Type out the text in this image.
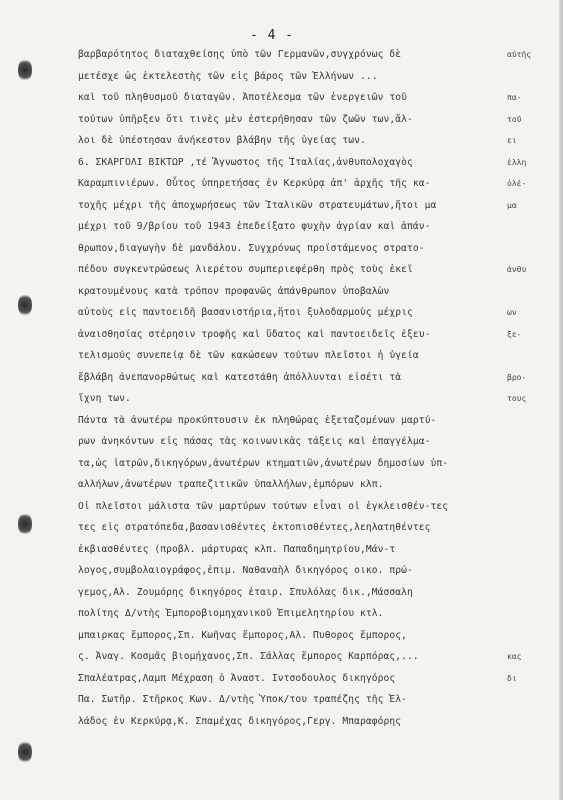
- 4 -
βαρβαρότητος διαταχθείσης ὑπὸ τῶν Γερμανῶν,συγχρόνως δὲ
μετέσχε ὡς ἐκτελεστὴς τῶν εἰς βάρος τῶν Ἑλλήνων ...
καὶ τοῦ πληθυσμοῦ διαταγῶν. Ἀποτέλεσμα τῶν ἐνεργειῶν τοῦ
τούτων ὑπῆρξεν ὅτι τινὲς μὲν ἐστερήθησαν τῶν ζωῶν των,ἄλ-
λοι δὲ ὑπέστησαν ἀνήκεστον βλάβην τῆς ὑγείας των.
6. ΣΚΑΡΓΟΛΙ ΒΙΚΤΩΡ ,τέ Ἄγνωστος τῆς Ἰταλίας,ἀνθυπολοχαγὸς
Καραμπινιέρων. Οὗτος ὑπηρετήσας ἐν Κερκύρᾳ ἀπ' ἀρχῆς τῆς κα-
τοχῆς μέχρι τῆς ἀποχωρήσεως τῶν Ἰταλικῶν στρατευμάτων,ἤτοι μα
μέχρι τοῦ 9/βρίου τοῦ 1943 ἐπεδείξατο φυχὴν ἀγρίαν καὶ ἀπάν-
θρωπον,διαγωγὴν δὲ μανδάλου. Συγχρόνως προϊστάμενος στρατο-
πέδου συγκεντρώσεως λιερέτου συμπεριεφέρθη πρὸς τοὺς ἐκεῖ
κρατουμένους κατὰ τρόπον προφανῶς ἀπάνθρωπον ὑποβαλὼν
αὐτοὺς εἰς παντοειδῆ βασανιστήρια,ἤτοι ξυλοδαρμοὺς μέχρις
ἀναισθησίας στέρησιν τροφῆς καὶ ὕδατος καὶ παντοειδεῖς ἐξευ-
τελισμούς συνεπείᾳ δὲ τῶν κακώσεων τούτων πλεῖστοι ἡ ὑγεία
ἔβλάβη ἀνεπανορθώτως καὶ κατεστάθη ἀπόλλυνται εἰσέτι τὰ
ἴχνη των.
Πάντα τὰ ἀνωτέρω προκύπτουσιν ἐκ πληθώρας ἐξεταζομένων μαρτύ-
ρων ἀνηκόντων εἰς πάσας τὰς κοινωνικὰς τάξεις καὶ ἐπαγγέλμα-
τα,ὡς ἰατρῶν,δικηγόρων,ἀνωτέρων κτηματιῶν,ἀνωτέρων δημοσίων ὑπ-
αλλήλων,ἀνωτέρων τραπεζιτικῶν ὑπαλλήλων,ἐμπόρων κλπ.
Οἱ πλεῖστοι μάλιστα τῶν μαρτύρων τούτων εἶναι οἱ ἐγκλεισθέν-τες
τες εἰς στρατόπεδα,βασανισθέντες ἐκτοπισθέντες,λεηλατηθέντες
ἐκβιασθέντες (προβλ. μάρτυρας κλπ. Παπαδημητρίου,Μάν-τ
λογος,συμβολαιογράφος,ἐπιμ. Ναθαναὴλ δικηγόρος οικο. πρώ-
γεμος,Αλ. Ζουμόρης δικηγόρος ἐταιρ. Σπυλόλας δικ.,Μάσσαλη
πολίτης Δ/ντὴς Ἐμποροβιομηχανικοῦ Ἐπιμελητηρίου κτλ.
μπαιρκας ἔμπορος,Σπ. Κωῆνας ἔμπορος,Αλ. Πυθορος ἔμπορος,
ς. Ἀναγ. Κοσμᾶς βιομήχανος,Σπ. Σάλλας ἔμπορος Καρπόρας,...
Σπαλέατρας,Λαμπ Μέχραση ὁ Ἀναστ. Ιντσοδουλος δικηγόρος
Πα. Σωτῆρ. Στῆρκος Κων. Δ/ντὴς Ὑποκ/του τραπέζης τῆς Ἑλ-
λάδος ἐν Κερκύρᾳ,Κ. Σπαμέχας δικηγόρος,Γεργ. Μπαραφόρης
αὐτῆς
πα-
τοῦ
ει
ἐλλη
ὀλέ-
μα
ἀνθυ
ων
ξε-
βρο-
τους
κας
δι
